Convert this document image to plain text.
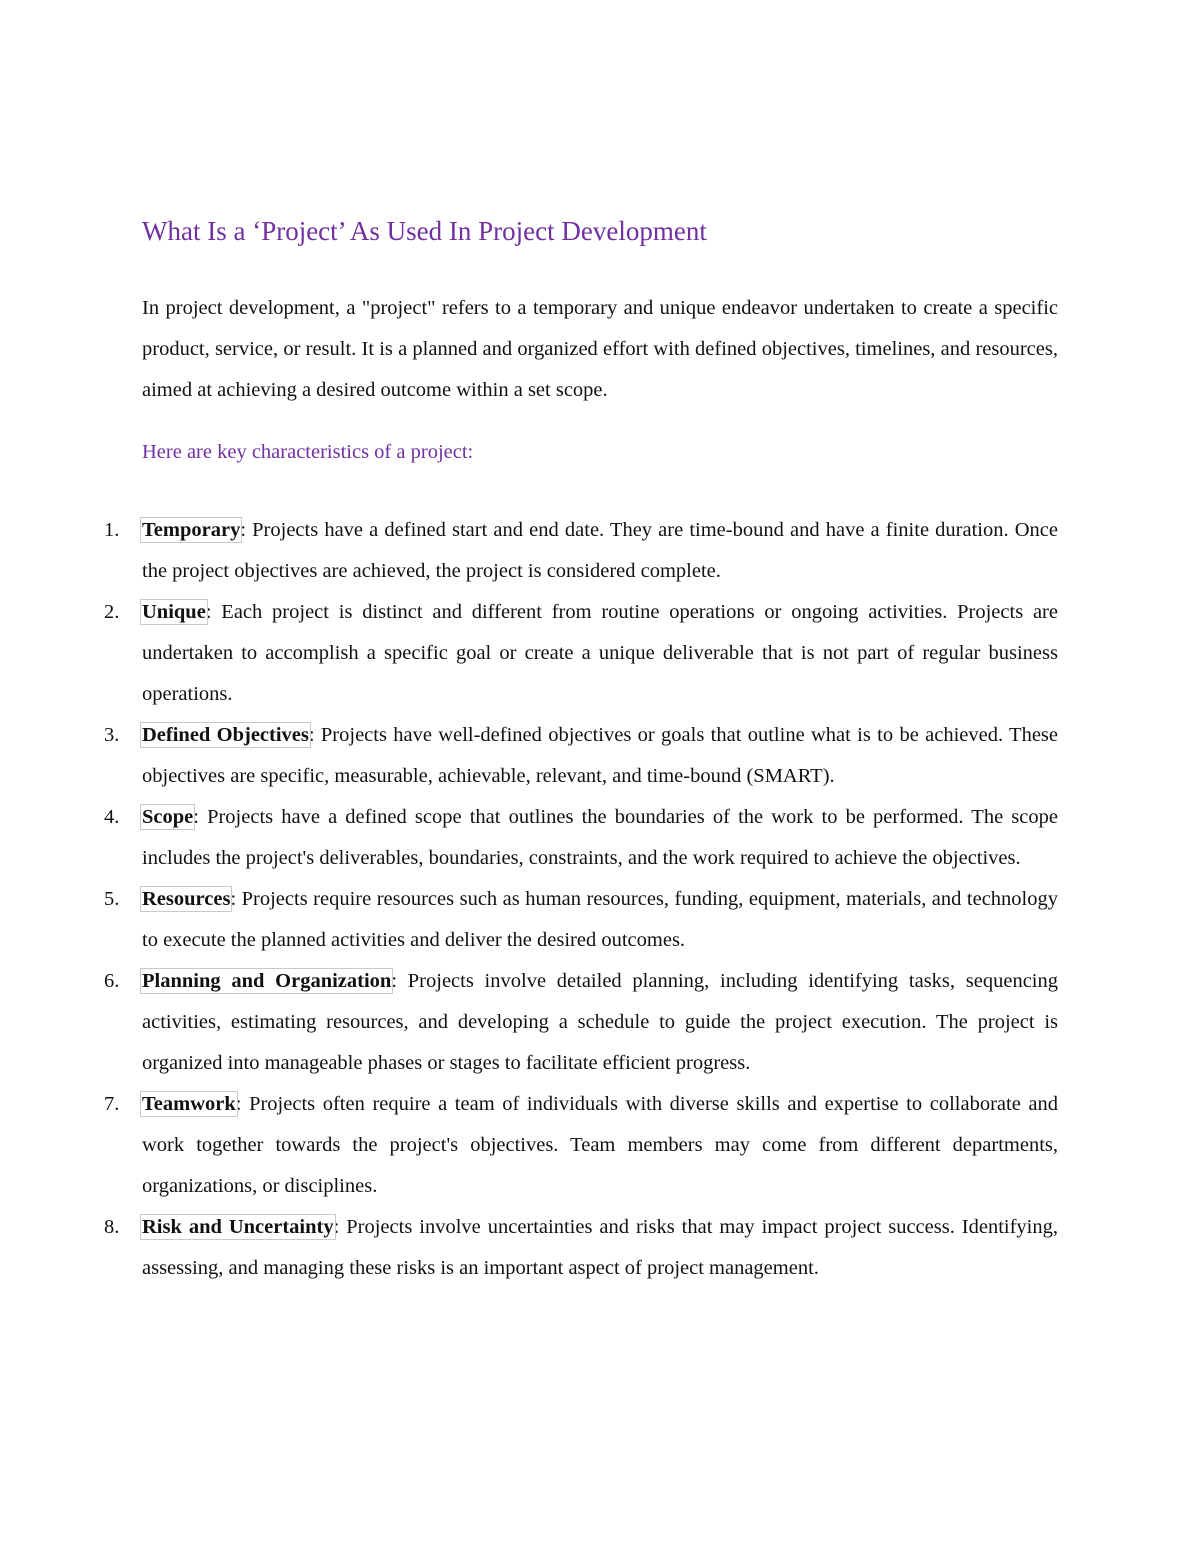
What Is a ‘Project’ As Used In Project Development

In project development, a "project" refers to a temporary and unique endeavor undertaken to create a specific product, service, or result. It is a planned and organized effort with defined objectives, timelines, and resources, aimed at achieving a desired outcome within a set scope.

Here are key characteristics of a project:

1. Temporary: Projects have a defined start and end date. They are time-bound and have a finite duration. Once the project objectives are achieved, the project is considered complete.
2. Unique: Each project is distinct and different from routine operations or ongoing activities. Projects are undertaken to accomplish a specific goal or create a unique deliverable that is not part of regular business operations.
3. Defined Objectives: Projects have well-defined objectives or goals that outline what is to be achieved. These objectives are specific, measurable, achievable, relevant, and time-bound (SMART).
4. Scope: Projects have a defined scope that outlines the boundaries of the work to be performed. The scope includes the project's deliverables, boundaries, constraints, and the work required to achieve the objectives.
5. Resources: Projects require resources such as human resources, funding, equipment, materials, and technology to execute the planned activities and deliver the desired outcomes.
6. Planning and Organization: Projects involve detailed planning, including identifying tasks, sequencing activities, estimating resources, and developing a schedule to guide the project execution. The project is organized into manageable phases or stages to facilitate efficient progress.
7. Teamwork: Projects often require a team of individuals with diverse skills and expertise to collaborate and work together towards the project's objectives. Team members may come from different departments, organizations, or disciplines.
8. Risk and Uncertainty: Projects involve uncertainties and risks that may impact project success. Identifying, assessing, and managing these risks is an important aspect of project management.
